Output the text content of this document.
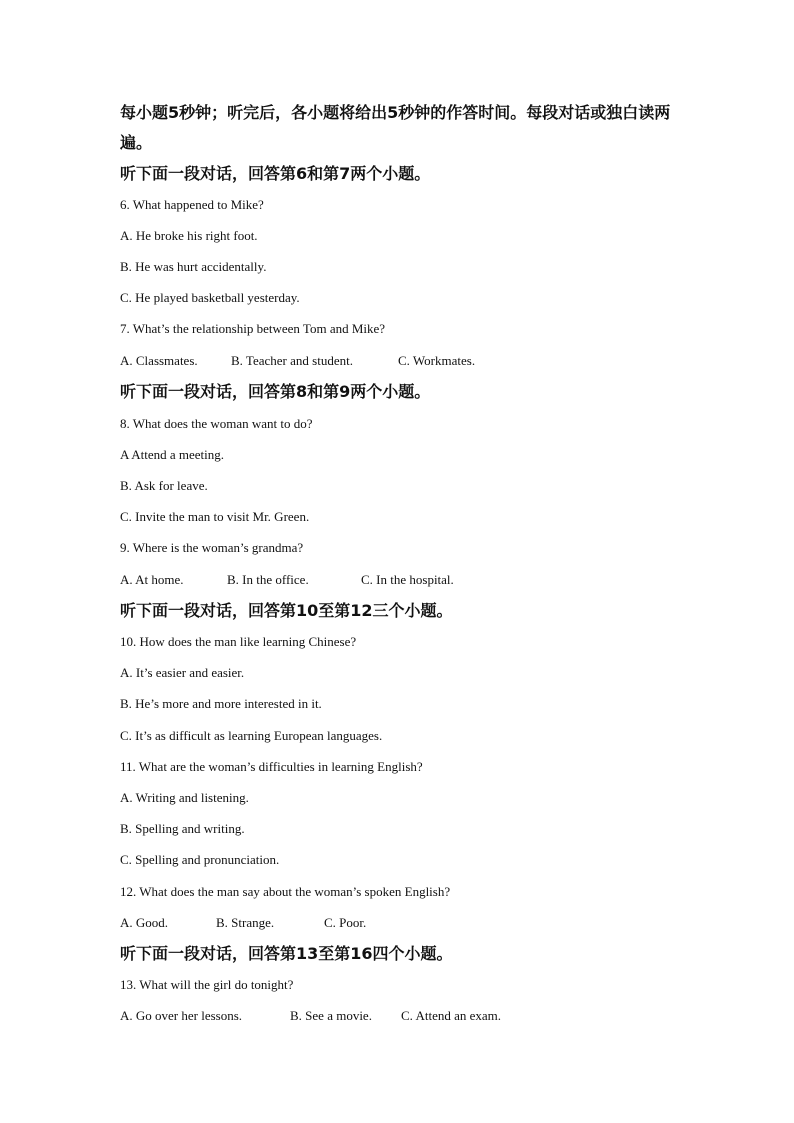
每小题5秒钟；听完后，各小题将给出5秒钟的作答时间。每段对话或独白读两遍。
听下面一段对话，回答第6和第7两个小题。
6. What happened to Mike?
A. He broke his right foot.
B. He was hurt accidentally.
C. He played basketball yesterday.
7. What’s the relationship between Tom and Mike?
A. Classmates.	B. Teacher and student.	C. Workmates.
听下面一段对话，回答第8和第9两个小题。
8. What does the woman want to do?
A Attend a meeting.
B. Ask for leave.
C. Invite the man to visit Mr. Green.
9. Where is the woman’s grandma?
A. At home.	B. In the office.	C. In the hospital.
听下面一段对话，回答第10至第12三个小题。
10. How does the man like learning Chinese?
A. It’s easier and easier.
B. He’s more and more interested in it.
C. It’s as difficult as learning European languages.
11. What are the woman’s difficulties in learning English?
A. Writing and listening.
B. Spelling and writing.
C. Spelling and pronunciation.
12. What does the man say about the woman’s spoken English?
A. Good.	B. Strange.	C. Poor.
听下面一段对话，回答第13至第16四个小题。
13. What will the girl do tonight?
A. Go over her lessons.	B. See a movie. C. Attend an exam.
